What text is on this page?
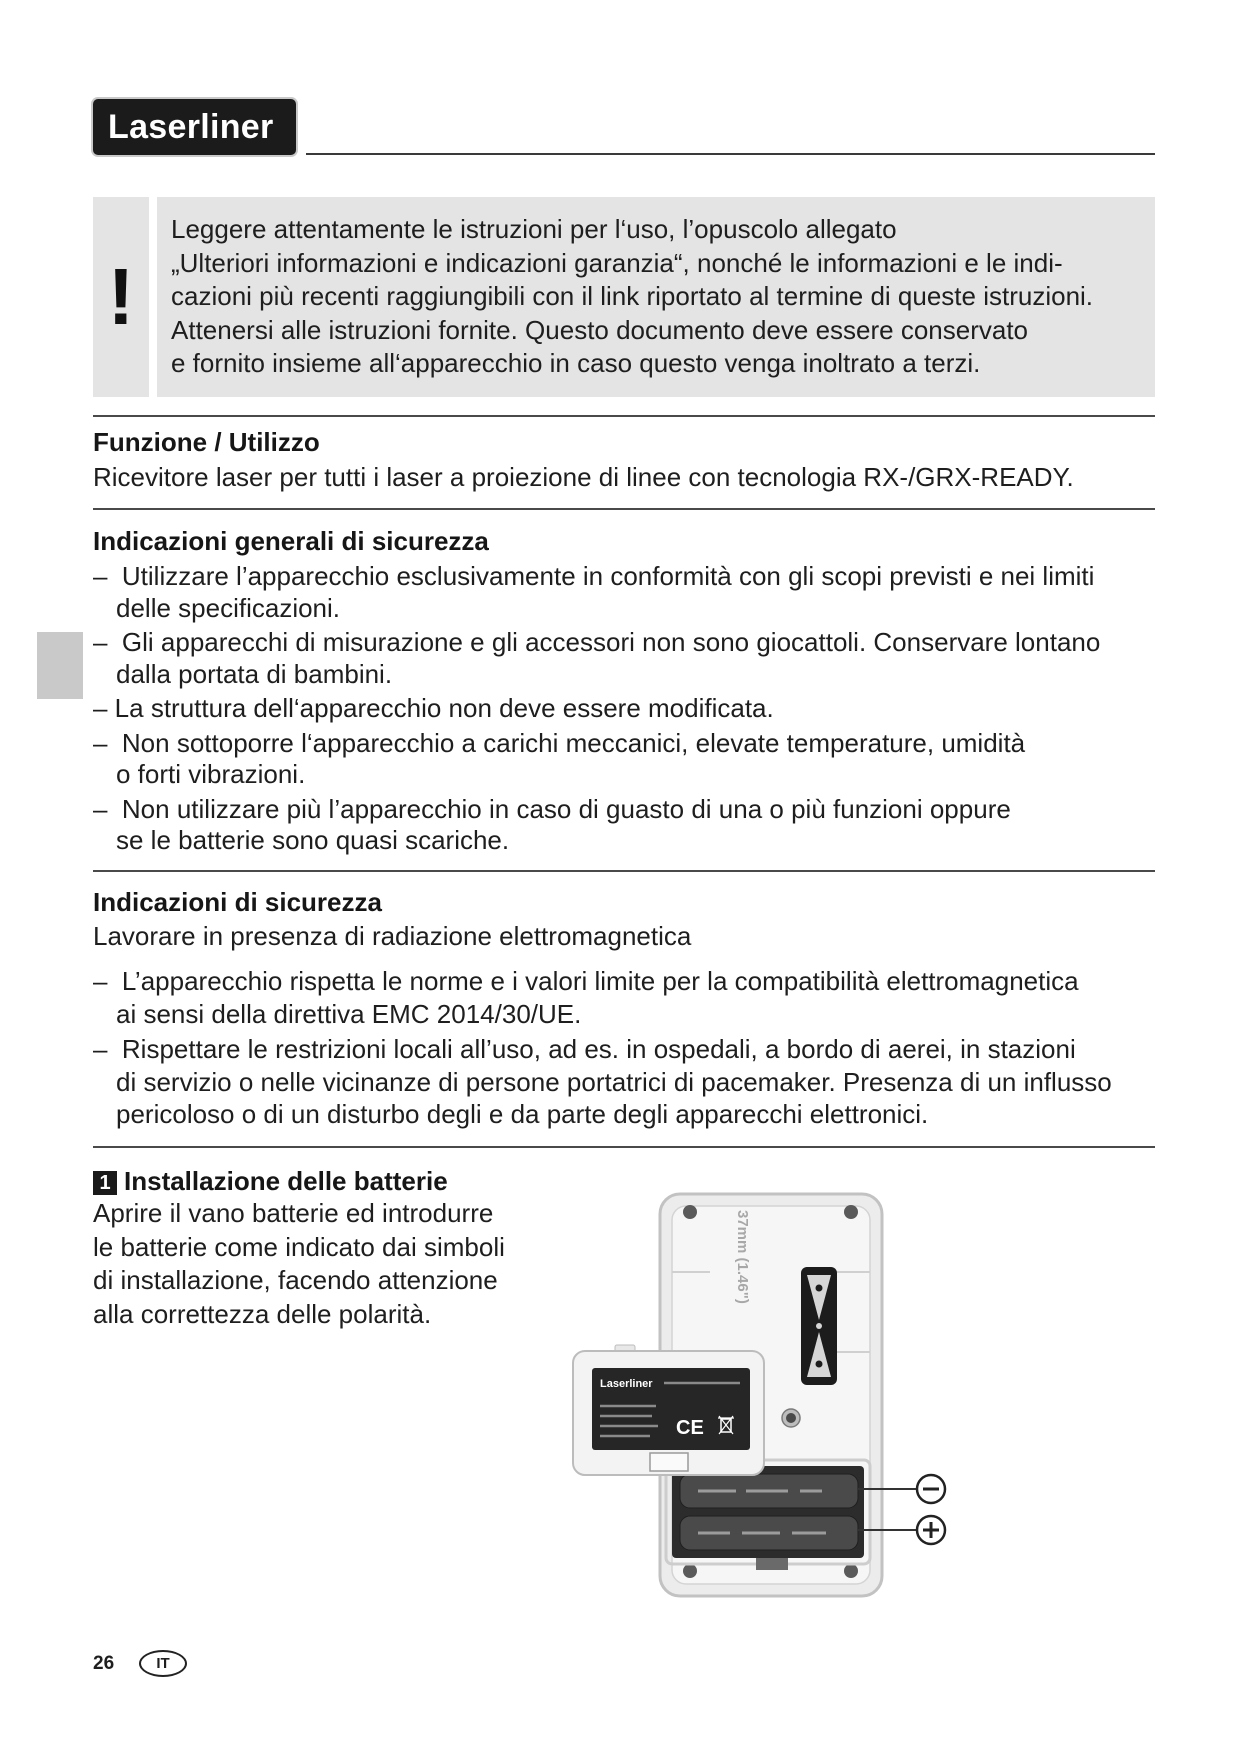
Laserliner
!
Leggere attentamente le istruzioni per l‘uso, l’opuscolo allegato
„Ulteriori informazioni e indicazioni garanzia“, nonché le informazioni e le indi-
cazioni più recenti raggiungibili con il link riportato al termine di queste istruzioni.
Attenersi alle istruzioni fornite. Questo documento deve essere conservato
e fornito insieme all‘apparecchio in caso questo venga inoltrato a terzi.
Funzione / Utilizzo
Ricevitore laser per tutti i laser a proiezione di linee con tecnologia RX-/GRX-READY.
Indicazioni generali di sicurezza
–  Utilizzare l’apparecchio esclusivamente in conformità con gli scopi previsti e nei limiti
delle specificazioni.
–  Gli apparecchi di misurazione e gli accessori non sono giocattoli. Conservare lontano
dalla portata di bambini.
– La struttura dell‘apparecchio non deve essere modificata.
–  Non sottoporre l‘apparecchio a carichi meccanici, elevate temperature, umidità
o forti vibrazioni.
–  Non utilizzare più l’apparecchio in caso di guasto di una o più funzioni oppure
se le batterie sono quasi scariche.
Indicazioni di sicurezza
Lavorare in presenza di radiazione elettromagnetica
–  L’apparecchio rispetta le norme e i valori limite per la compatibilità elettromagnetica
ai sensi della direttiva EMC 2014/30/UE.
–  Rispettare le restrizioni locali all’uso, ad es. in ospedali, a bordo di aerei, in stazioni
di servizio o nelle vicinanze di persone portatrici di pacemaker. Presenza di un influsso
pericoloso o di un disturbo degli e da parte degli apparecchi elettronici.
1 Installazione delle batterie
Aprire il vano batterie ed introdurre
le batterie come indicato dai simboli
di installazione, facendo attenzione
alla correttezza delle polarità.
37mm (1.46")
Laserliner
CE
26	IT
